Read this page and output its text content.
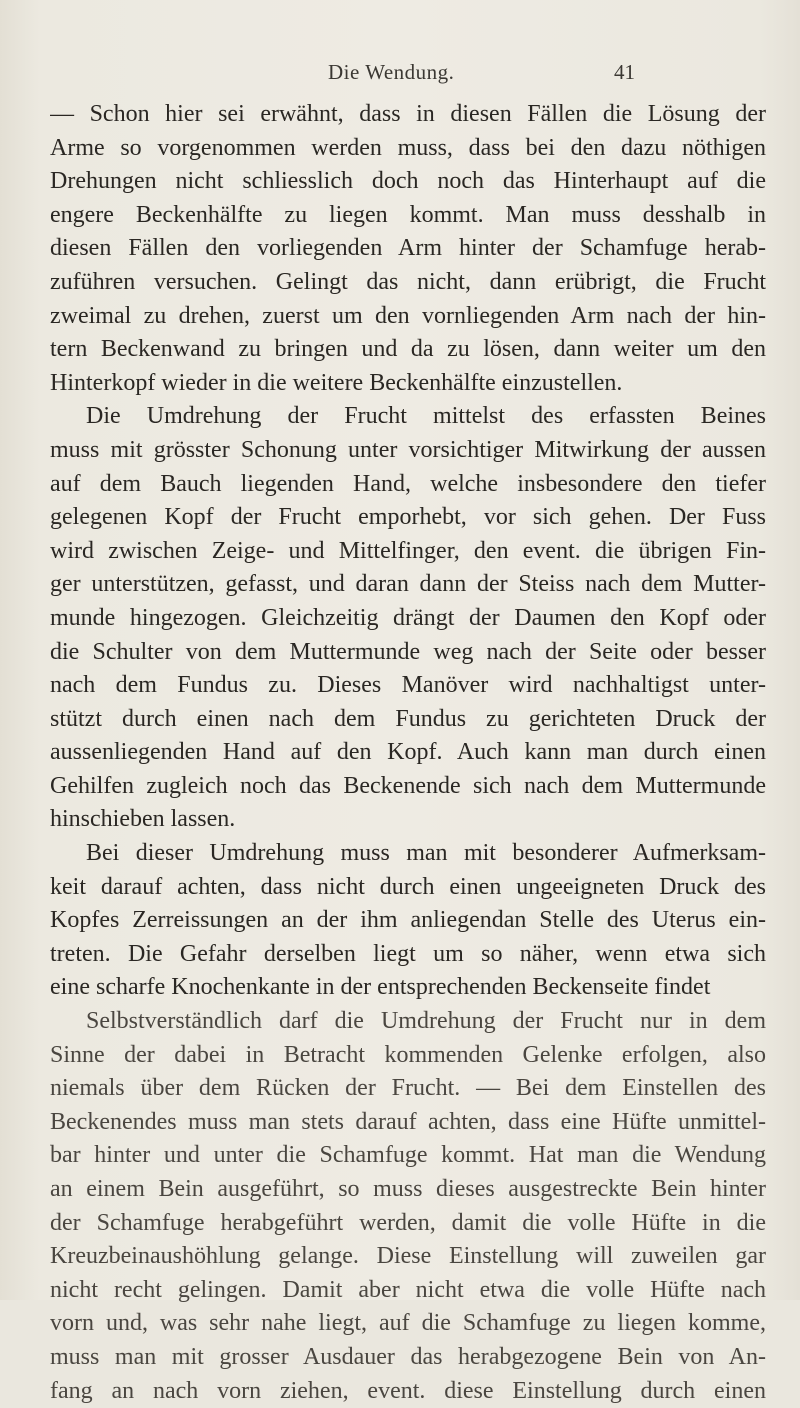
Die Wendung.	41
— Schon hier sei erwähnt, dass in diesen Fällen die Lösung der
Arme so vorgenommen werden muss, dass bei den dazu nöthigen
Drehungen nicht schliesslich doch noch das Hinterhaupt auf die
engere Beckenhälfte zu liegen kommt. Man muss desshalb in
diesen Fällen den vorliegenden Arm hinter der Schamfuge herab-
zuführen versuchen. Gelingt das nicht, dann erübrigt, die Frucht
zweimal zu drehen, zuerst um den vornliegenden Arm nach der hin-
tern Beckenwand zu bringen und da zu lösen, dann weiter um den
Hinterkopf wieder in die weitere Beckenhälfte einzustellen.
Die Umdrehung der Frucht mittelst des erfassten Beines
muss mit grösster Schonung unter vorsichtiger Mitwirkung der aussen
auf dem Bauch liegenden Hand, welche insbesondere den tiefer
gelegenen Kopf der Frucht emporhebt, vor sich gehen. Der Fuss
wird zwischen Zeige- und Mittelfinger, den event. die übrigen Fin-
ger unterstützen, gefasst, und daran dann der Steiss nach dem Mutter-
munde hingezogen. Gleichzeitig drängt der Daumen den Kopf oder
die Schulter von dem Muttermunde weg nach der Seite oder besser
nach dem Fundus zu. Dieses Manöver wird nachhaltigst unter-
stützt durch einen nach dem Fundus zu gerichteten Druck der
aussenliegenden Hand auf den Kopf. Auch kann man durch einen
Gehilfen zugleich noch das Beckenende sich nach dem Muttermunde
hinschieben lassen.
Bei dieser Umdrehung muss man mit besonderer Aufmerksam-
keit darauf achten, dass nicht durch einen ungeeigneten Druck des
Kopfes Zerreissungen an der ihm anliegendan Stelle des Uterus ein-
treten. Die Gefahr derselben liegt um so näher, wenn etwa sich
eine scharfe Knochenkante in der entsprechenden Beckenseite findet
Selbstverständlich darf die Umdrehung der Frucht nur in dem
Sinne der dabei in Betracht kommenden Gelenke erfolgen, also
niemals über dem Rücken der Frucht. — Bei dem Einstellen des
Beckenendes muss man stets darauf achten, dass eine Hüfte unmittel-
bar hinter und unter die Schamfuge kommt. Hat man die Wendung
an einem Bein ausgeführt, so muss dieses ausgestreckte Bein hinter
der Schamfuge herabgeführt werden, damit die volle Hüfte in die
Kreuzbeinaushöhlung gelange. Diese Einstellung will zuweilen gar
nicht recht gelingen. Damit aber nicht etwa die volle Hüfte nach
vorn und, was sehr nahe liegt, auf die Schamfuge zu liegen komme,
muss man mit grosser Ausdauer das herabgezogene Bein von An-
fang an nach vorn ziehen, event. diese Einstellung durch einen
